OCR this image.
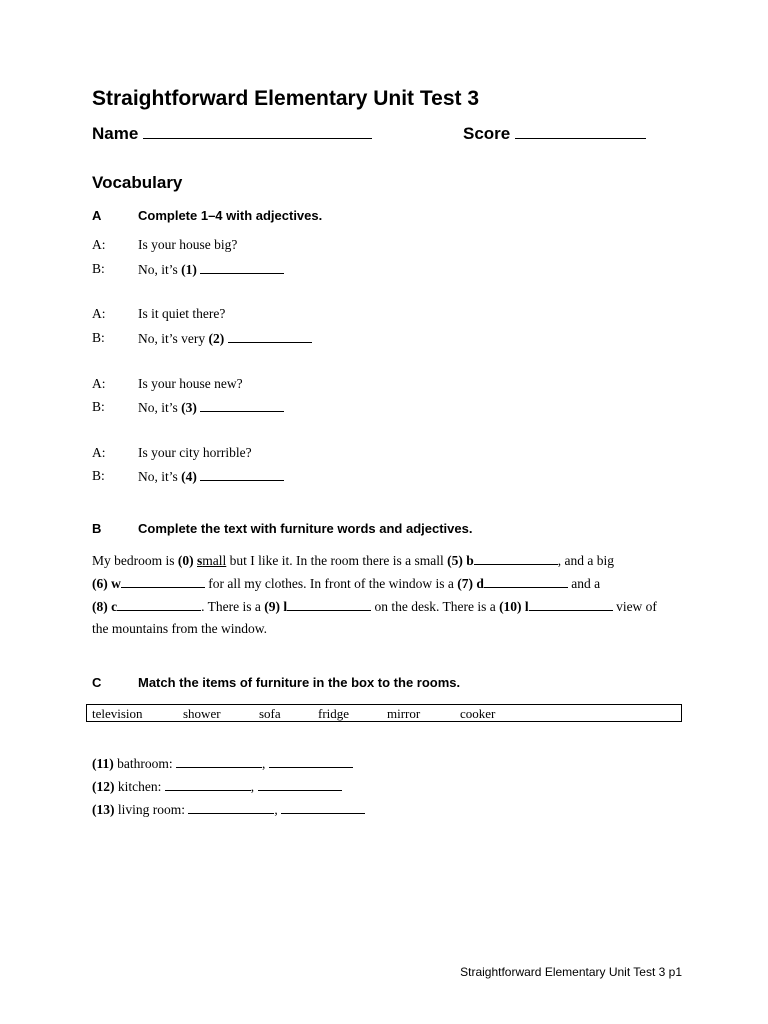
Straightforward Elementary Unit Test 3
Name	Score
Vocabulary
A	Complete 1–4 with adjectives.
A: Is your house big?
B: No, it’s (1)
A: Is it quiet there?
B: No, it’s very (2)
A: Is your house new?
B: No, it’s (3)
A: Is your city horrible?
B: No, it’s (4)
B	Complete the text with furniture words and adjectives.
My bedroom is (0) small but I like it. In the room there is a small (5) b	, and a big
(6) w	for all my clothes. In front of the window is a (7) d	and a
(8) c	. There is a (9) l	on the desk. There is a (10) l	view of
the mountains from the window.
C	Match the items of furniture in the box to the rooms.
television	shower	sofa	fridge	mirror	cooker
(11) bathroom:	,
(12) kitchen:	,
(13) living room:	,
Straightforward Elementary Unit Test 3 p1
